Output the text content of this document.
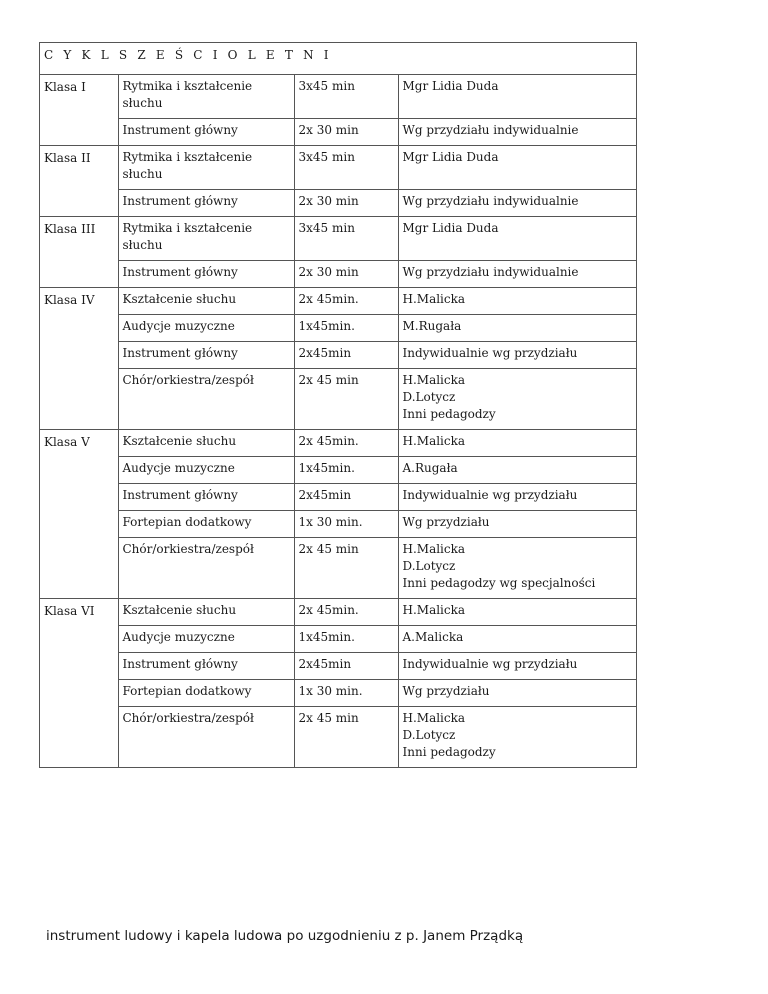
C Y K L S Z E Ś C I O L E T N I
Klasa I	Rytmika i kształcenie słuchu	3x45 min	Mgr Lidia Duda
	Instrument główny	2x 30 min	Wg przydziału indywidualnie
Klasa II	Rytmika i kształcenie słuchu	3x45 min	Mgr Lidia Duda
	Instrument główny	2x 30 min	Wg przydziału indywidualnie
Klasa III	Rytmika i kształcenie słuchu	3x45 min	Mgr Lidia Duda
	Instrument główny	2x 30 min	Wg przydziału indywidualnie
Klasa IV	Kształcenie słuchu	2x 45min.	H.Malicka
	Audycje muzyczne	1x45min.	M.Rugała
	Instrument główny	2x45min	Indywidualnie wg przydziału
	Chór/orkiestra/zespół	2x 45 min	H.Malicka
D.Lotycz
Inni pedagodzy
Klasa V	Kształcenie słuchu	2x 45min.	H.Malicka
	Audycje muzyczne	1x45min.	A.Rugała
	Instrument główny	2x45min	Indywidualnie wg przydziału
	Fortepian dodatkowy	1x 30 min.	Wg przydziału
	Chór/orkiestra/zespół	2x 45 min	H.Malicka
D.Lotycz
Inni pedagodzy wg specjalności
Klasa VI	Kształcenie słuchu	2x 45min.	H.Malicka
	Audycje muzyczne	1x45min.	A.Malicka
	Instrument główny	2x45min	Indywidualnie wg przydziału
	Fortepian dodatkowy	1x 30 min.	Wg przydziału
	Chór/orkiestra/zespół	2x 45 min	H.Malicka
D.Lotycz
Inni pedagodzy
instrument ludowy i kapela ludowa po uzgodnieniu z p. Janem Prządką
